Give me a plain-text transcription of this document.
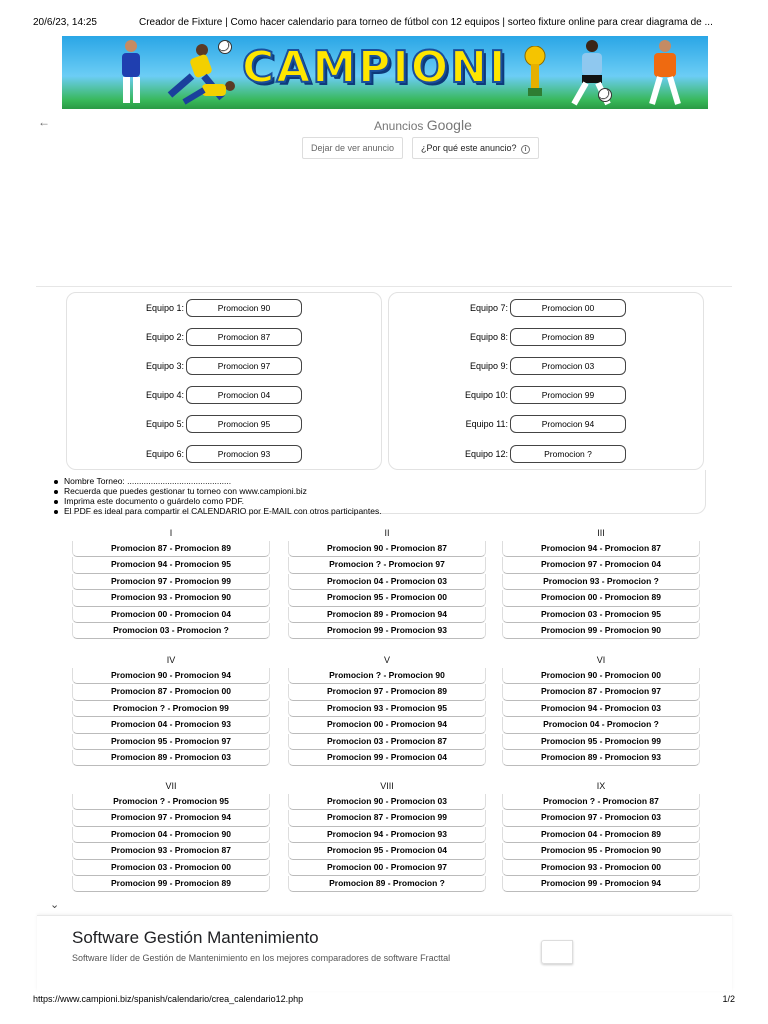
20/6/23, 14:25	Creador de Fixture | Como hacer calendario para torneo de fútbol con 12 equipos | sorteo fixture online para crear diagrama de ...
CAMPIONI
←	Anuncios Google
Dejar de ver anuncio	¿Por qué este anuncio? i
Equipo 1:	Promocion 90
Equipo 2:	Promocion 87
Equipo 3:	Promocion 97
Equipo 4:	Promocion 04
Equipo 5:	Promocion 95
Equipo 6:	Promocion 93
Equipo 7:	Promocion 00
Equipo 8:	Promocion 89
Equipo 9:	Promocion 03
Equipo 10:	Promocion 99
Equipo 11:	Promocion 94
Equipo 12:	Promocion ?
Nombre Torneo: ............................................
Recuerda que puedes gestionar tu torneo con www.campioni.biz
Imprima este documento o guárdelo como PDF.
El PDF es ideal para compartir el CALENDARIO por E-MAIL con otros participantes.
I
Promocion 87 - Promocion 89
Promocion 94 - Promocion 95
Promocion 97 - Promocion 99
Promocion 93 - Promocion 90
Promocion 00 - Promocion 04
Promocion 03 - Promocion ?
II
Promocion 90 - Promocion 87
Promocion ? - Promocion 97
Promocion 04 - Promocion 03
Promocion 95 - Promocion 00
Promocion 89 - Promocion 94
Promocion 99 - Promocion 93
III
Promocion 94 - Promocion 87
Promocion 97 - Promocion 04
Promocion 93 - Promocion ?
Promocion 00 - Promocion 89
Promocion 03 - Promocion 95
Promocion 99 - Promocion 90
IV
Promocion 90 - Promocion 94
Promocion 87 - Promocion 00
Promocion ? - Promocion 99
Promocion 04 - Promocion 93
Promocion 95 - Promocion 97
Promocion 89 - Promocion 03
V
Promocion ? - Promocion 90
Promocion 97 - Promocion 89
Promocion 93 - Promocion 95
Promocion 00 - Promocion 94
Promocion 03 - Promocion 87
Promocion 99 - Promocion 04
VI
Promocion 90 - Promocion 00
Promocion 87 - Promocion 97
Promocion 94 - Promocion 03
Promocion 04 - Promocion ?
Promocion 95 - Promocion 99
Promocion 89 - Promocion 93
VII
Promocion ? - Promocion 95
Promocion 97 - Promocion 94
Promocion 04 - Promocion 90
Promocion 93 - Promocion 87
Promocion 03 - Promocion 00
Promocion 99 - Promocion 89
VIII
Promocion 90 - Promocion 03
Promocion 87 - Promocion 99
Promocion 94 - Promocion 93
Promocion 95 - Promocion 04
Promocion 00 - Promocion 97
Promocion 89 - Promocion ?
IX
Promocion ? - Promocion 87
Promocion 97 - Promocion 03
Promocion 04 - Promocion 89
Promocion 95 - Promocion 90
Promocion 93 - Promocion 00
Promocion 99 - Promocion 94
⌄
Software Gestión Mantenimiento
Software líder de Gestión de Mantenimiento en los mejores comparadores de software Fracttal
https://www.campioni.biz/spanish/calendario/crea_calendario12.php	1/2
